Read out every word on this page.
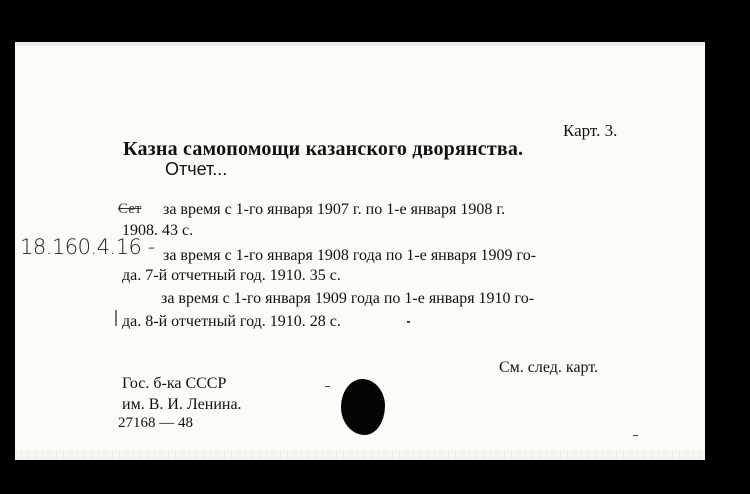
Карт. 3.
Казна самопомощи казанского дворянства.
Отчет...
Сет
18.160.4.16 -
за время с 1-го января 1907 г. по 1-е января 1908 г.
1908. 43 с.
за время с 1-го января 1908 года по 1-е января 1909 го-
да. 7-й отчетный год. 1910. 35 с.
за время с 1-го января 1909 года по 1-е января 1910 го-
да. 8-й отчетный год. 1910. 28 с.
См. след. карт.
Гос. б-ка СССР
им. В. И. Ленина.
27168 — 48
